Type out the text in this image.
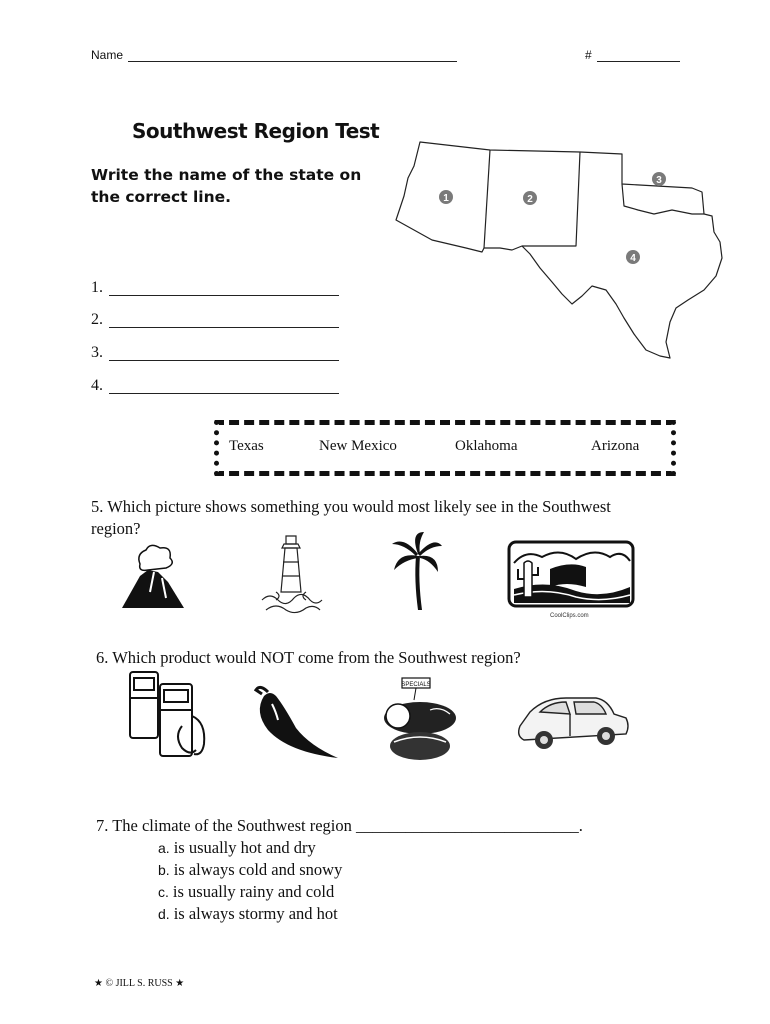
Name	#
Southwest Region Test
Write the name of the state on the correct line.	1	2
3
4
1.
2.
3.
4.
Texas	New Mexico	Oklahoma	Arizona
5. Which picture shows something you would most likely see in the Southwest region?
CoolClips.com
6. Which product would NOT come from the Southwest region?
SPECIALS
7. The climate of the Southwest region ___________________________.
a. is usually hot and dry
b. is always cold and snowy
c. is usually rainy and cold
d. is always stormy and hot
★ © JILL S. RUSS ★
